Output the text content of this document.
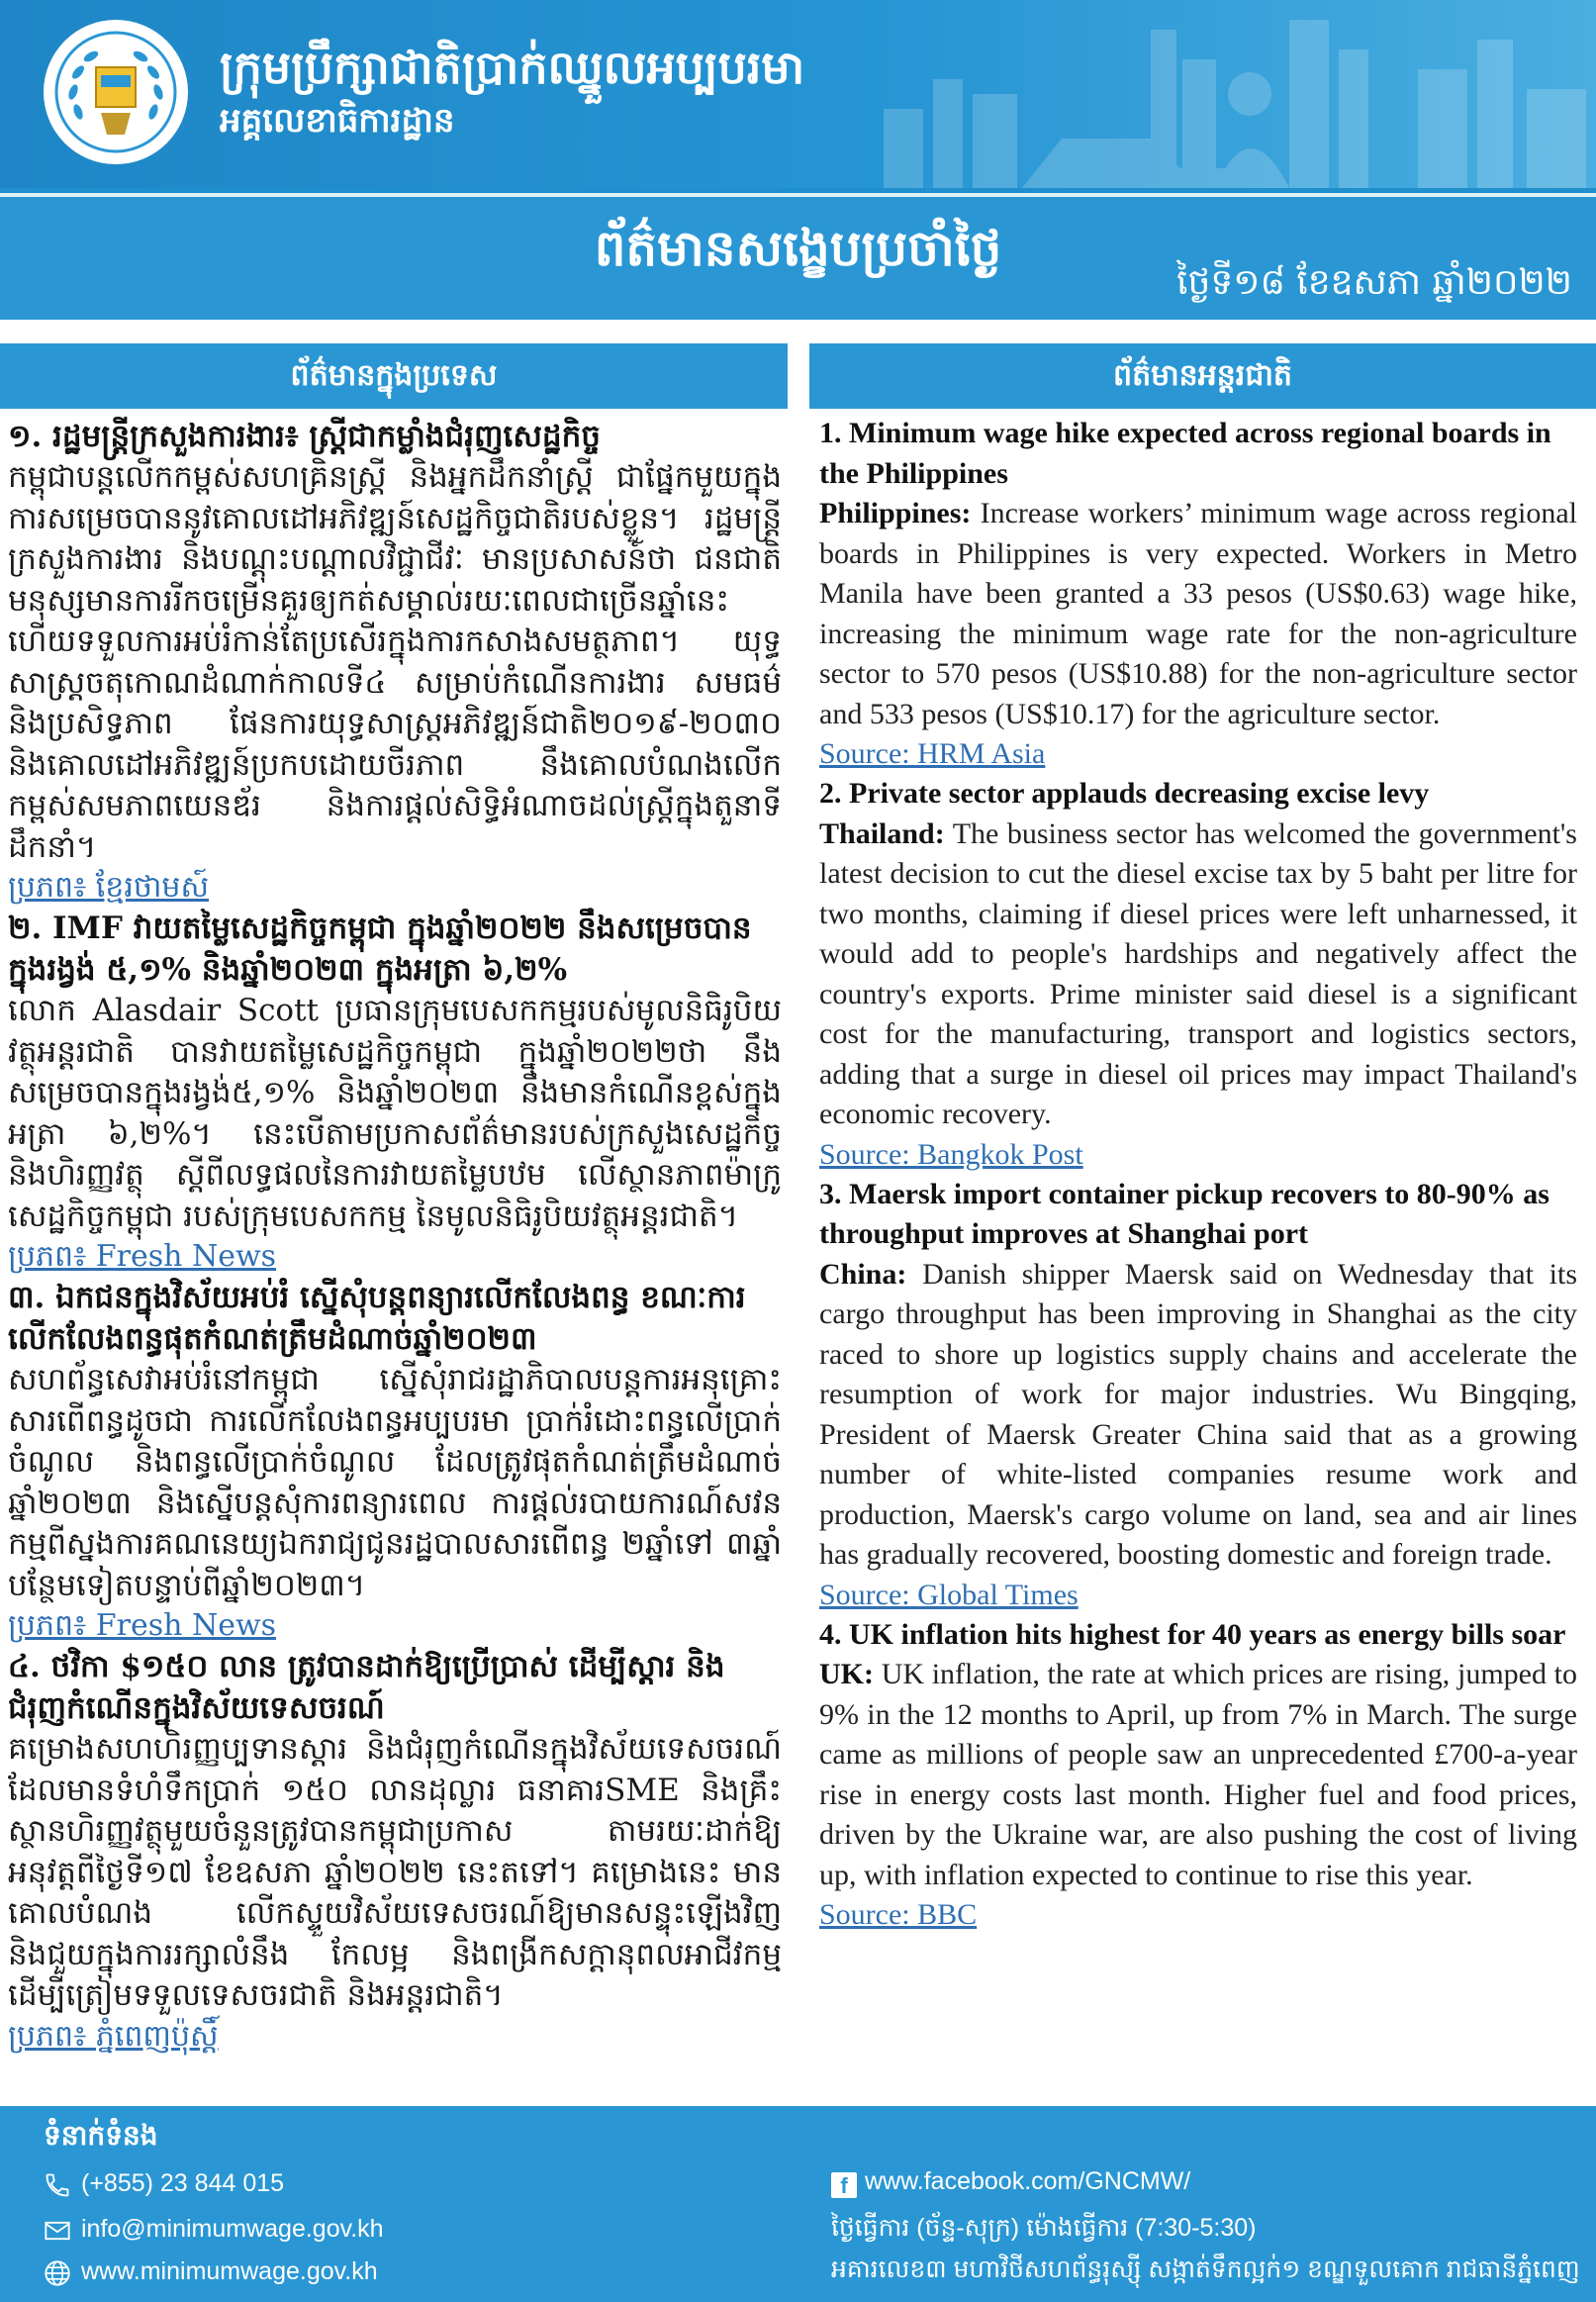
ក្រុមប្រឹក្សាជាតិប្រាក់ឈ្នួលអប្បបរមា
អគ្គលេខាធិការដ្ឋាន
ព័ត៌មានសង្ខេបប្រចាំថ្ងៃ
ថ្ងៃទី១៨ ខែឧសភា ឆ្នាំ២០២២
ព័ត៌មានក្នុងប្រទេស	ព័ត៌មានអន្តរជាតិ
១. រដ្ឋមន្ត្រីក្រសួងការងារ៖ ស្ត្រីជាកម្លាំងជំរុញសេដ្ឋកិច្ច

កម្ពុជាបន្តលើកកម្ពស់សហគ្រិនស្ត្រី និងអ្នកដឹកនាំស្ត្រី ជាផ្នែកមួយក្នុងការសម្រេចបាននូវគោលដៅអភិវឌ្ឍន៍សេដ្ឋកិច្ចជាតិរបស់ខ្លួន។ រដ្ឋមន្ត្រីក្រសួងការងារ និងបណ្ដុះបណ្ដាលវិជ្ជាជីវៈ មានប្រសាសន៍ថា ជនជាតិមនុស្សមានការរីកចម្រើនគួរឲ្យកត់សម្គាល់រយៈពេលជាច្រើនឆ្នាំនេះ ហើយទទួលការអប់រំកាន់តែប្រសើរក្នុងការកសាងសមត្ថភាព។ យុទ្ធសាស្ត្រចតុកោណដំណាក់កាលទី៤ សម្រាប់កំណើនការងារ សមធម៌ និងប្រសិទ្ធភាព ផែនការយុទ្ធសាស្ត្រអភិវឌ្ឍន៍ជាតិ២០១៩-២០៣០ និងគោលដៅអភិវឌ្ឍន៍ប្រកបដោយចីរភាព នឹងគោលបំណងលើកកម្ពស់សមភាពយេនឌ័រ និងការផ្ដល់សិទ្ធិអំណាចដល់ស្ត្រីក្នុងតួនាទីដឹកនាំ។

ប្រភព៖ ខ្មែរថាមស៍
២. IMF វាយតម្លៃសេដ្ឋកិច្ចកម្ពុជា ក្នុងឆ្នាំ២០២២ នឹងសម្រេចបានក្នុងរង្វង់ ៥,១% និងឆ្នាំ២០២៣ ក្នុងអត្រា ៦,២%

លោក Alasdair Scott ប្រធានក្រុមបេសកកម្មរបស់មូលនិធិរូបិយវត្ថុអន្តរជាតិ បានវាយតម្លៃសេដ្ឋកិច្ចកម្ពុជា ក្នុងឆ្នាំ២០២២ថា នឹងសម្រេចបានក្នុងរង្វង់៥,១% និងឆ្នាំ២០២៣ នឹងមានកំណើនខ្ពស់ក្នុងអត្រា ៦,២%។ នេះបើតាមប្រកាសព័ត៌មានរបស់ក្រសួងសេដ្ឋកិច្ច និងហិរញ្ញវត្ថុ ស្ដីពីលទ្ធផលនៃការវាយតម្លៃបឋម លើស្ថានភាពម៉ាក្រូសេដ្ឋកិច្ចកម្ពុជា របស់ក្រុមបេសកកម្ម នៃមូលនិធិរូបិយវត្ថុអន្តរជាតិ។

ប្រភព៖ Fresh News
៣. ឯកជនក្នុងវិស័យអប់រំ ស្នើសុំបន្តពន្យារលើកលែងពន្ធ ខណៈការលើកលែងពន្ធផុតកំណត់ត្រឹមដំណាច់ឆ្នាំ២០២៣

សហព័ន្ធសេវាអប់រំនៅកម្ពុជា ស្នើសុំរាជរដ្ឋាភិបាលបន្តការអនុគ្រោះសារពើពន្ធដូចជា ការលើកលែងពន្ធអប្បបរមា ប្រាក់រំដោះពន្ធលើប្រាក់ចំណូល និងពន្ធលើប្រាក់ចំណូល ដែលត្រូវផុតកំណត់ត្រឹមដំណាច់ឆ្នាំ២០២៣ និងស្នើបន្តសុំការពន្យារពេល ការផ្ដល់របាយការណ៍សវនកម្មពីស្នងការគណនេយ្យឯករាជ្យជូនរដ្ឋបាលសារពើពន្ធ ២ឆ្នាំទៅ ៣ឆ្នាំបន្ថែមទៀតបន្ទាប់ពីឆ្នាំ២០២៣។

ប្រភព៖ Fresh News
៤. ថវិកា $១៥០ លាន ត្រូវបានដាក់ឱ្យប្រើប្រាស់ ដើម្បីស្ដារ និងជំរុញកំណើនក្នុងវិស័យទេសចរណ៍

គម្រោងសហហិរញ្ញប្បទានស្ដារ និងជំរុញកំណើនក្នុងវិស័យទេសចរណ៍ ដែលមានទំហំទឹកប្រាក់ ១៥០ លានដុល្លារ ធនាគារSME និងគ្រឹះស្ថានហិរញ្ញវត្ថុមួយចំនួនត្រូវបានកម្ពុជាប្រកាស តាមរយៈដាក់ឱ្យអនុវត្តពីថ្ងៃទី១៧ ខែឧសភា ឆ្នាំ២០២២ នេះតទៅ។ គម្រោងនេះ មានគោលបំណង លើកស្ទួយវិស័យទេសចរណ៍ឱ្យមានសន្ទុះឡើងវិញ និងជួយក្នុងការរក្សាលំនឹង កែលម្អ និងពង្រីកសក្ដានុពលអាជីវកម្ម ដើម្បីត្រៀមទទួលទេសចរជាតិ និងអន្តរជាតិ។

ប្រភព៖ ភ្នំពេញប៉ុស្តិ៍
1. Minimum wage hike expected across regional boards in the Philippines

Philippines: Increase workers’ minimum wage across regional boards in Philippines is very expected. Workers in Metro Manila have been granted a 33 pesos (US$0.63) wage hike, increasing the minimum wage rate for the non-agriculture sector to 570 pesos (US$10.88) for the non-agriculture sector and 533 pesos (US$10.17) for the agriculture sector.

Source: HRM Asia
2. Private sector applauds decreasing excise levy

Thailand: The business sector has welcomed the government's latest decision to cut the diesel excise tax by 5 baht per litre for two months, claiming if diesel prices were left unharnessed, it would add to people's hardships and negatively affect the country's exports. Prime minister said diesel is a significant cost for the manufacturing, transport and logistics sectors, adding that a surge in diesel oil prices may impact Thailand's economic recovery.

Source: Bangkok Post
3. Maersk import container pickup recovers to 80-90% as throughput improves at Shanghai port

China: Danish shipper Maersk said on Wednesday that its cargo throughput has been improving in Shanghai as the city raced to shore up logistics supply chains and accelerate the resumption of work for major industries. Wu Bingqing, President of Maersk Greater China said that as a growing number of white-listed companies resume work and production, Maersk's cargo volume on land, sea and air lines has gradually recovered, boosting domestic and foreign trade.

Source: Global Times
4. UK inflation hits highest for 40 years as energy bills soar

UK: UK inflation, the rate at which prices are rising, jumped to 9% in the 12 months to April, up from 7% in March. The surge came as millions of people saw an unprecedented £700-a-year rise in energy costs last month. Higher fuel and food prices, driven by the Ukraine war, are also pushing the cost of living up, with inflation expected to continue to rise this year.

Source: BBC
ទំនាក់ទំនង
(+855) 23 844 015
info@minimumwage.gov.kh
www.minimumwage.gov.kh
f www.facebook.com/GNCMW/
ថ្ងៃធ្វើការ (ច័ន្ទ-សុក្រ) ម៉ោងធ្វើការ (7:30-5:30)
អគារលេខ៣ មហាវិថីសហព័ន្ធរុស្ស៊ី សង្កាត់ទឹកល្អក់១ ខណ្ឌទួលគោក រាជធានីភ្នំពេញ
